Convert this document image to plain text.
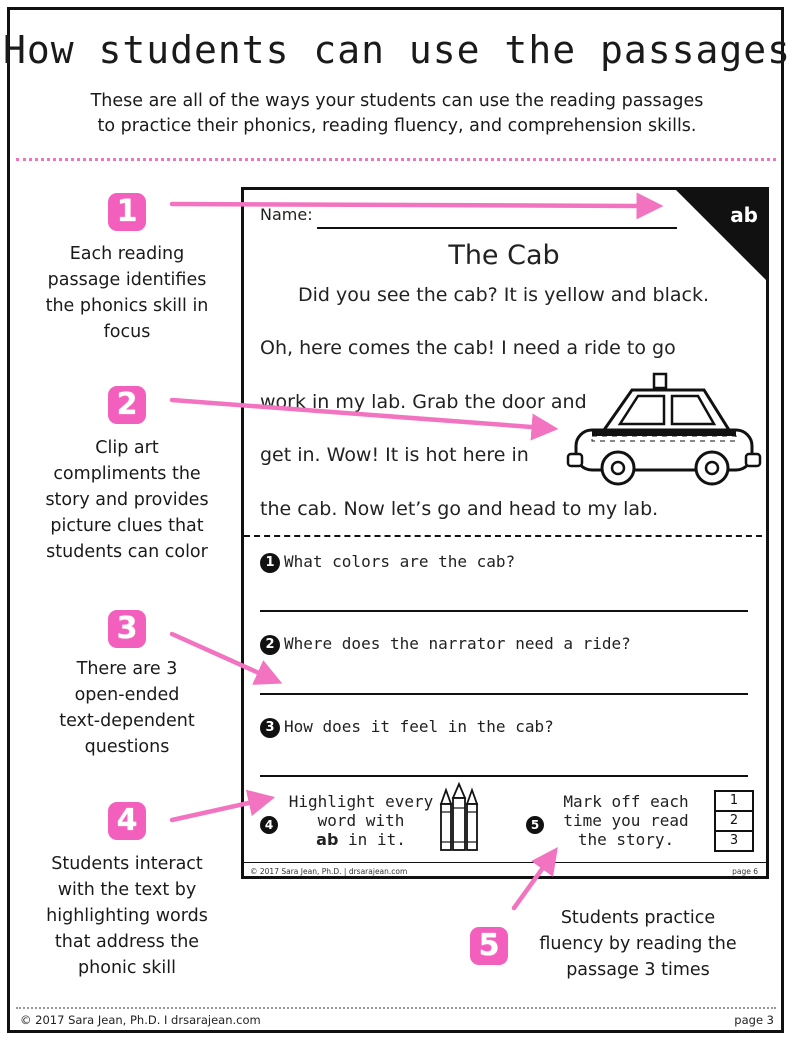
How students can use the passages
These are all of the ways your students can use the reading passages
to practice their phonics, reading fluency, and comprehension skills.
1
Each reading
passage identifies
the phonics skill in
focus
2
Clip art
compliments the
story and provides
picture clues that
students can color
3
There are 3
open-ended
text-dependent
questions
4
Students interact
with the text by
highlighting words
that address the
phonic skill
5
Students practice
fluency by reading the
passage 3 times
ab
Name:
The Cab
Did you see the cab? It is yellow and black.
Oh, here comes the cab! I need a ride to go
work in my lab. Grab the door and
get in. Wow! It is hot here in
the cab. Now let’s go and head to my lab.
1 What colors are the cab?
2 Where does the narrator need a ride?
3 How does it feel in the cab?
4
Highlight every
word with
ab in it.
5
Mark off each
time you read
the story.
1
2
3
© 2017 Sara Jean, Ph.D. | drsarajean.com	page 6
© 2017 Sara Jean, Ph.D. I drsarajean.com	page 3
